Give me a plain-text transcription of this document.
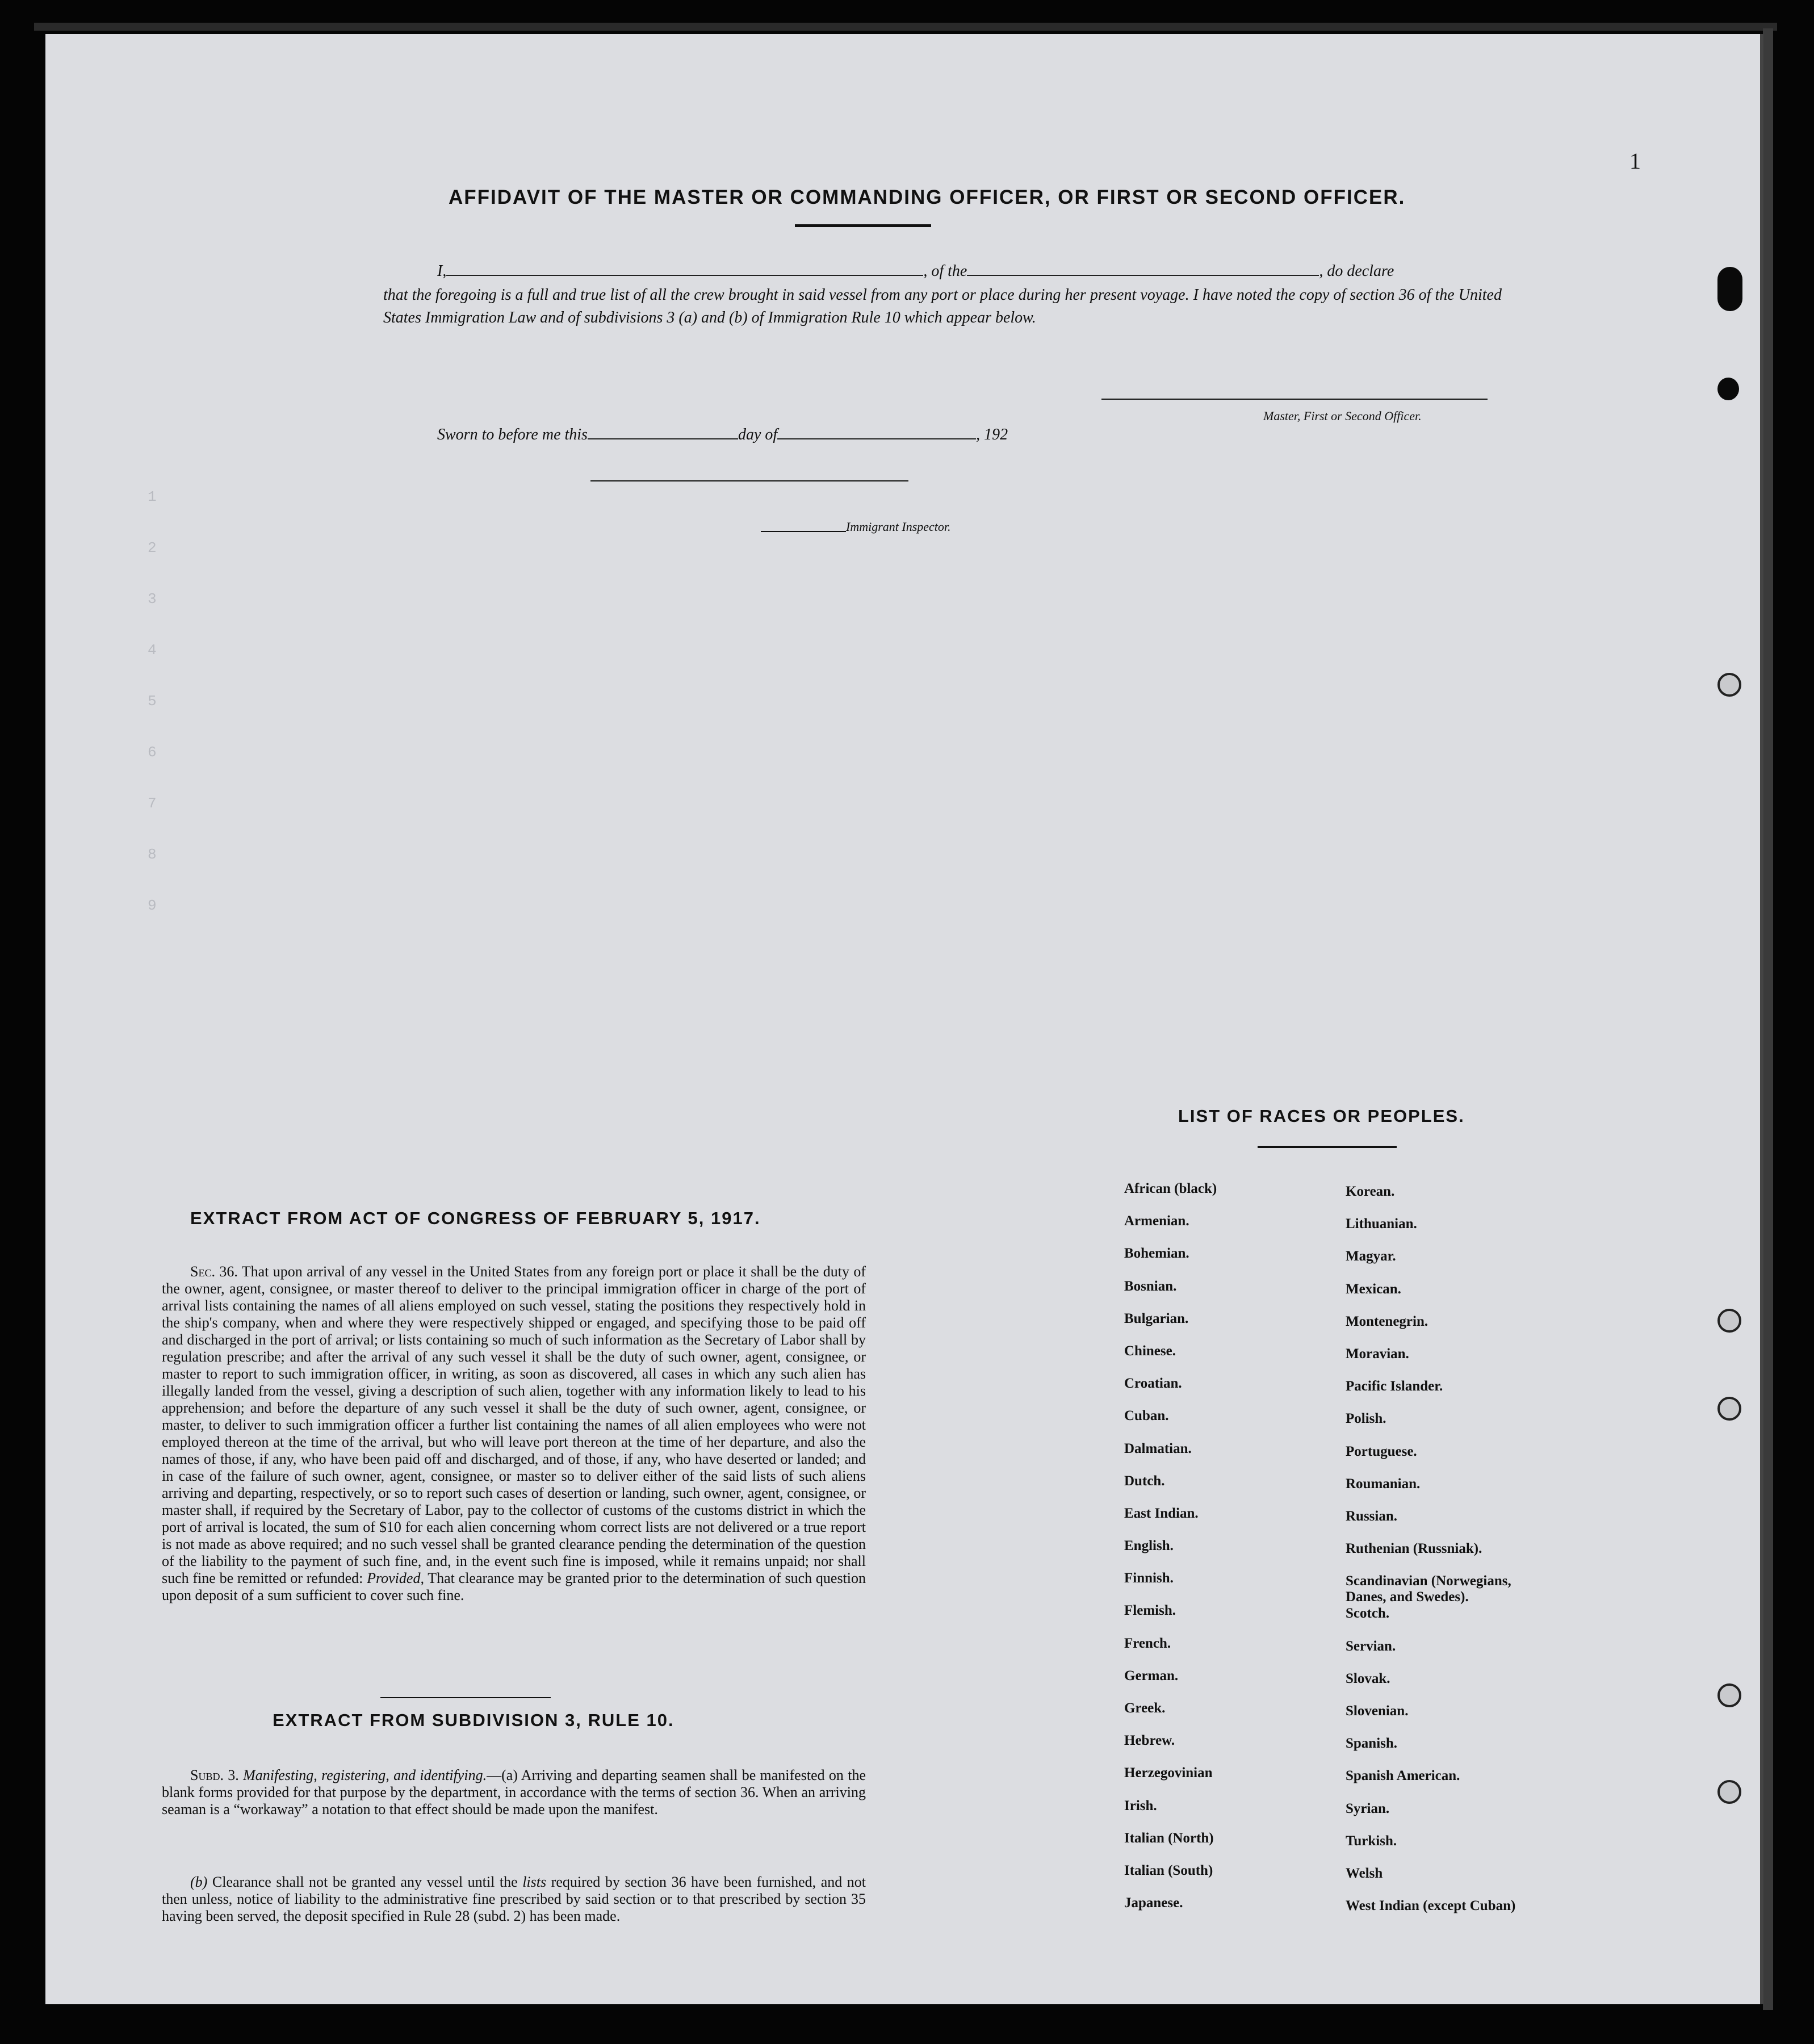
1
2
3
4
5
6
7
8
9
1
AFFIDAVIT OF THE MASTER OR COMMANDING OFFICER, OR FIRST OR SECOND OFFICER.
I,	, of the	, do declare
that the foregoing is a full and true list of all the crew brought in said vessel from any port or place during her present voyage. I have noted the copy of section 36 of the United States Immigration Law and of subdivisions 3 (a) and (b) of Immigration Rule 10 which appear below.
Master, First or Second Officer.
Sworn to before me this	day of	, 192
Immigrant Inspector.
EXTRACT FROM ACT OF CONGRESS OF FEBRUARY 5, 1917.
Sec. 36. That upon arrival of any vessel in the United States from any foreign port or place it shall be the duty of the owner, agent, consignee, or master thereof to deliver to the principal immigration officer in charge of the port of arrival lists containing the names of all aliens employed on such vessel, stating the positions they respectively hold in the ship's company, when and where they were respectively shipped or engaged, and specifying those to be paid off and discharged in the port of arrival; or lists containing so much of such information as the Secretary of Labor shall by regulation prescribe; and after the arrival of any such vessel it shall be the duty of such owner, agent, consignee, or master to report to such immigration officer, in writing, as soon as discovered, all cases in which any such alien has illegally landed from the vessel, giving a description of such alien, together with any information likely to lead to his apprehension; and before the departure of any such vessel it shall be the duty of such owner, agent, consignee, or master, to deliver to such immigration officer a further list containing the names of all alien employees who were not employed thereon at the time of the arrival, but who will leave port thereon at the time of her departure, and also the names of those, if any, who have been paid off and discharged, and of those, if any, who have deserted or landed; and in case of the failure of such owner, agent, consignee, or master so to deliver either of the said lists of such aliens arriving and departing, respectively, or so to report such cases of desertion or landing, such owner, agent, consignee, or master shall, if required by the Secretary of Labor, pay to the collector of customs of the customs district in which the port of arrival is located, the sum of $10 for each alien concerning whom correct lists are not delivered or a true report is not made as above required; and no such vessel shall be granted clearance pending the determination of the question of the liability to the payment of such fine, and, in the event such fine is imposed, while it remains unpaid; nor shall such fine be remitted or refunded: Provided, That clearance may be granted prior to the determination of such question upon deposit of a sum sufficient to cover such fine.
EXTRACT FROM SUBDIVISION 3, RULE 10.
Subd. 3. Manifesting, registering, and identifying.—(a) Arriving and departing seamen shall be manifested on the blank forms provided for that purpose by the department, in accordance with the terms of section 36. When an arriving seaman is a “workaway” a notation to that effect should be made upon the manifest.
(b) Clearance shall not be granted any vessel until the lists required by section 36 have been furnished, and not then unless, notice of liability to the administrative fine prescribed by said section or to that prescribed by section 35 having been served, the deposit specified in Rule 28 (subd. 2) has been made.
LIST OF RACES OR PEOPLES.
African (black)
Armenian.
Bohemian.
Bosnian.
Bulgarian.
Chinese.
Croatian.
Cuban.
Dalmatian.
Dutch.
East Indian.
English.
Finnish.
Flemish.
French.
German.
Greek.
Hebrew.
Herzegovinian
Irish.
Italian (North)
Italian (South)
Japanese.
Korean.
Lithuanian.
Magyar.
Mexican.
Montenegrin.
Moravian.
Pacific Islander.
Polish.
Portuguese.
Roumanian.
Russian.
Ruthenian (Russniak).
Scandinavian (Norwegians,
Danes, and Swedes).
Scotch.
Servian.
Slovak.
Slovenian.
Spanish.
Spanish American.
Syrian.
Turkish.
Welsh
West Indian (except Cuban)
